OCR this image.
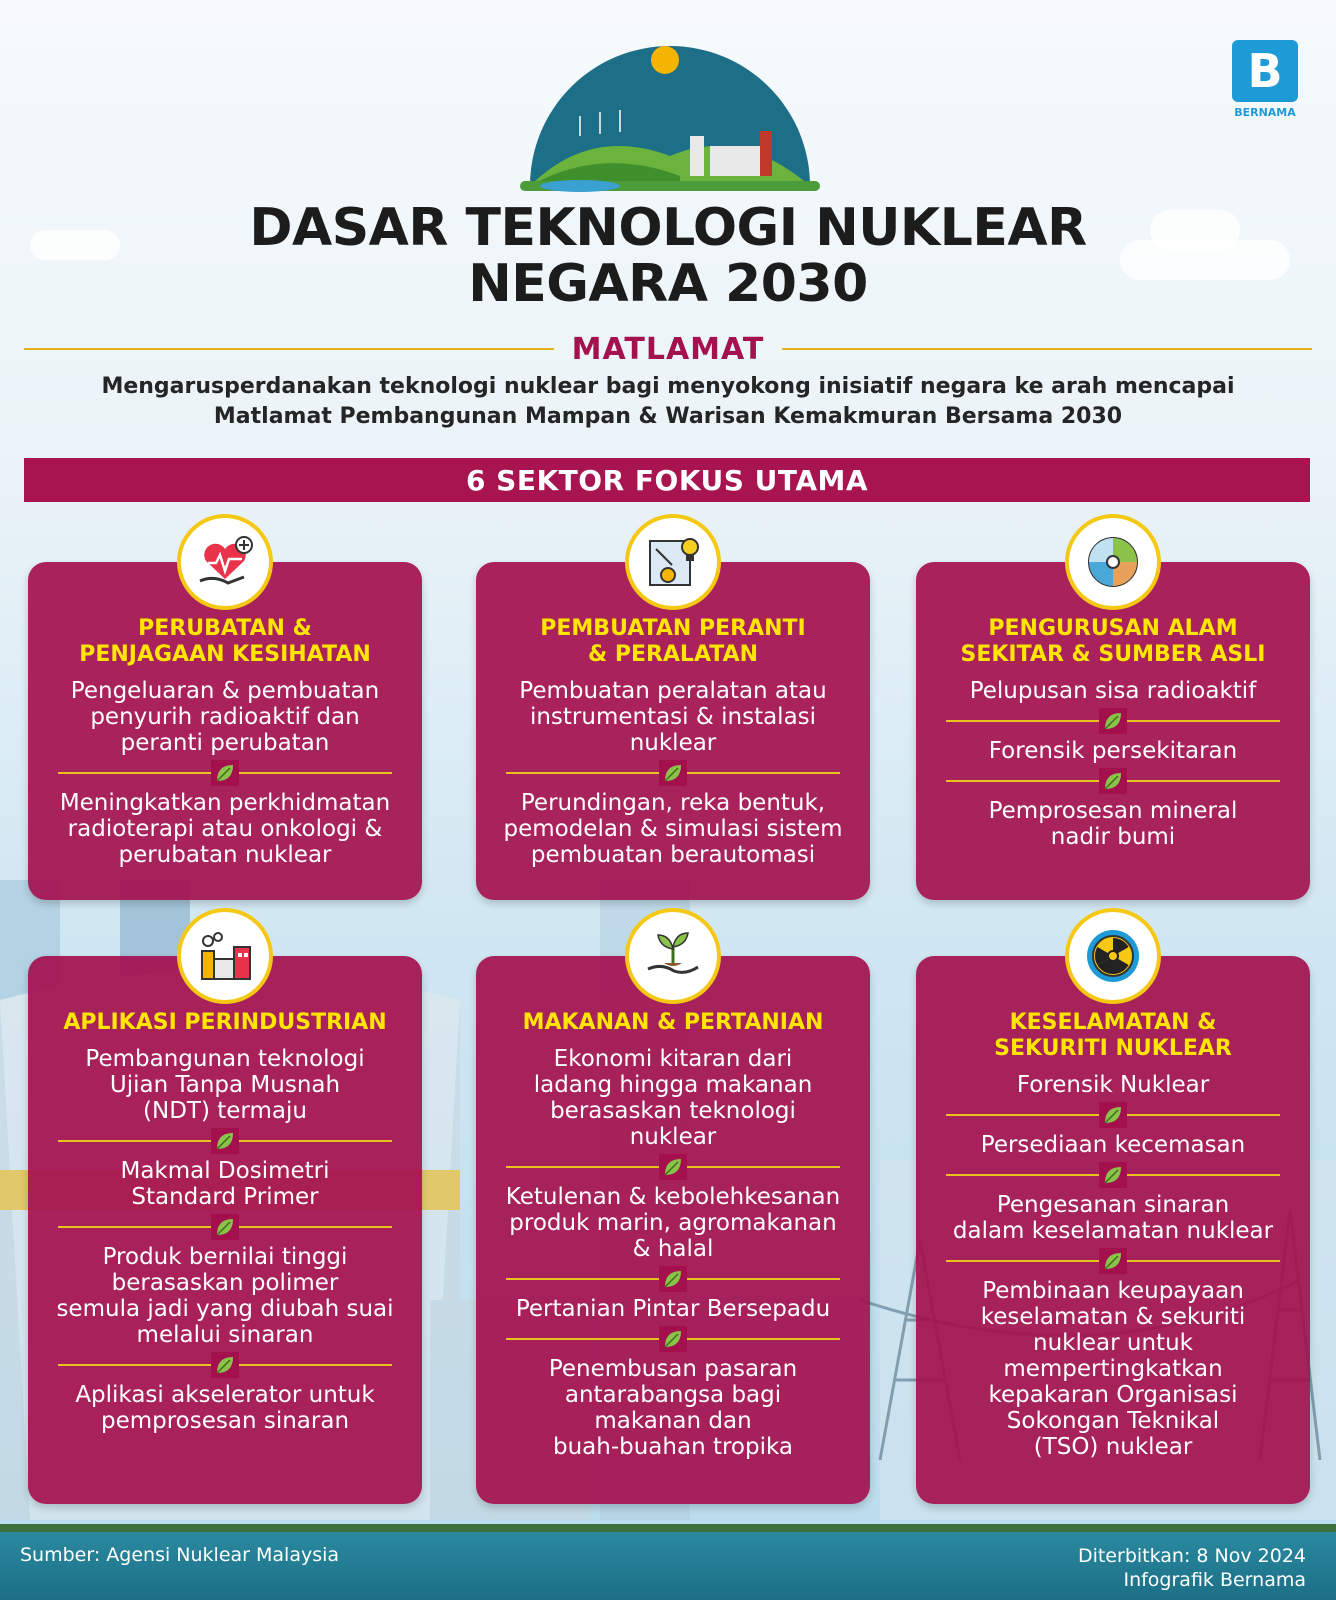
B
BERNAMA
DASAR TEKNOLOGI NUKLEAR
NEGARA 2030
MATLAMAT
Mengarusperdanakan teknologi nuklear bagi menyokong inisiatif negara ke arah mencapai
Matlamat Pembangunan Mampan & Warisan Kemakmuran Bersama 2030
6 SEKTOR FOKUS UTAMA
PERUBATAN &
PENJAGAAN KESIHATAN
Pengeluaran & pembuatan
penyurih radioaktif dan
peranti perubatan
Meningkatkan perkhidmatan
radioterapi atau onkologi &
perubatan nuklear
PEMBUATAN PERANTI
& PERALATAN
Pembuatan peralatan atau
instrumentasi & instalasi
nuklear
Perundingan, reka bentuk,
pemodelan & simulasi sistem
pembuatan berautomasi
PENGURUSAN ALAM
SEKITAR & SUMBER ASLI
Pelupusan sisa radioaktif
Forensik persekitaran
Pemprosesan mineral
nadir bumi
APLIKASI PERINDUSTRIAN
Pembangunan teknologi
Ujian Tanpa Musnah
(NDT) termaju
Makmal Dosimetri
Standard Primer
Produk bernilai tinggi
berasaskan polimer
semula jadi yang diubah suai
melalui sinaran
Aplikasi akselerator untuk
pemprosesan sinaran
MAKANAN & PERTANIAN
Ekonomi kitaran dari
ladang hingga makanan
berasaskan teknologi
nuklear
Ketulenan & kebolehkesanan
produk marin, agromakanan
& halal
Pertanian Pintar Bersepadu
Penembusan pasaran
antarabangsa bagi
makanan dan
buah-buahan tropika
KESELAMATAN &
SEKURITI NUKLEAR
Forensik Nuklear
Persediaan kecemasan
Pengesanan sinaran
dalam keselamatan nuklear
Pembinaan keupayaan
keselamatan & sekuriti
nuklear untuk
mempertingkatkan
kepakaran Organisasi
Sokongan Teknikal
(TSO) nuklear
Sumber: Agensi Nuklear Malaysia	Diterbitkan: 8 Nov 2024
Infografik Bernama
